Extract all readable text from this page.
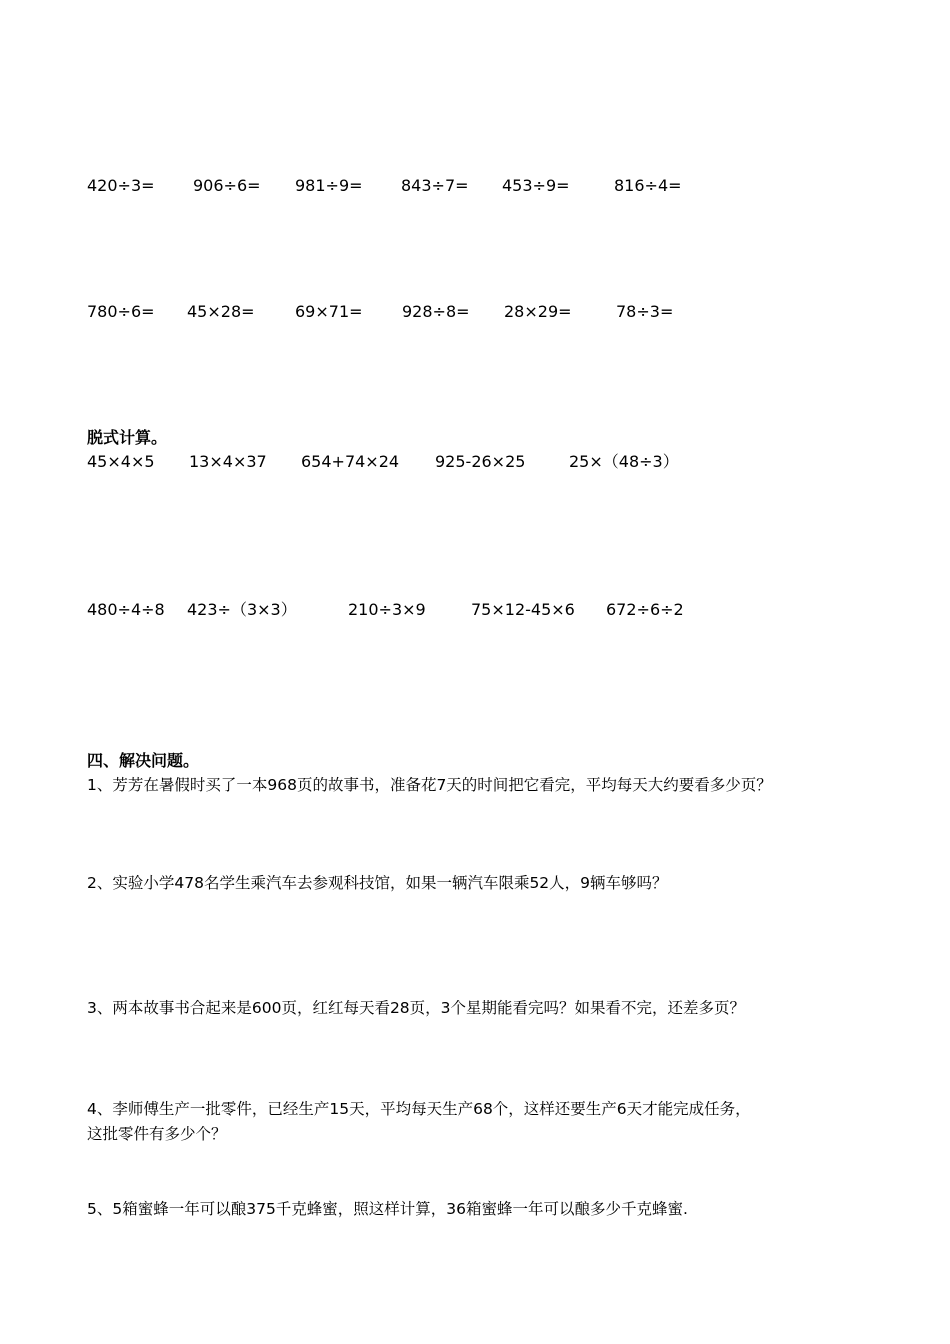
420÷3= 906÷6= 981÷9= 843÷7= 453÷9=	816÷4=
780÷6= 45×28=	69×71= 928÷8= 28×29=	78÷3=
脱式计算。
45×4×5 13×4×37 654+74×24 925-26×25	25×（48÷3）
480÷4÷8 423÷（3×3）	210÷3×9	75×12-45×6 672÷6÷2
四、解决问题。
1、芳芳在暑假时买了一本968页的故事书，准备花7天的时间把它看完，平均每天大约要看多少页？
2、实验小学478名学生乘汽车去参观科技馆，如果一辆汽车限乘52人，9辆车够吗？
3、两本故事书合起来是600页，红红每天看28页，3个星期能看完吗？如果看不完，还差多页？
4、李师傅生产一批零件，已经生产15天，平均每天生产68个，这样还要生产6天才能完成任务，
这批零件有多少个？
5、5箱蜜蜂一年可以酿375千克蜂蜜，照这样计算，36箱蜜蜂一年可以酿多少千克蜂蜜.
